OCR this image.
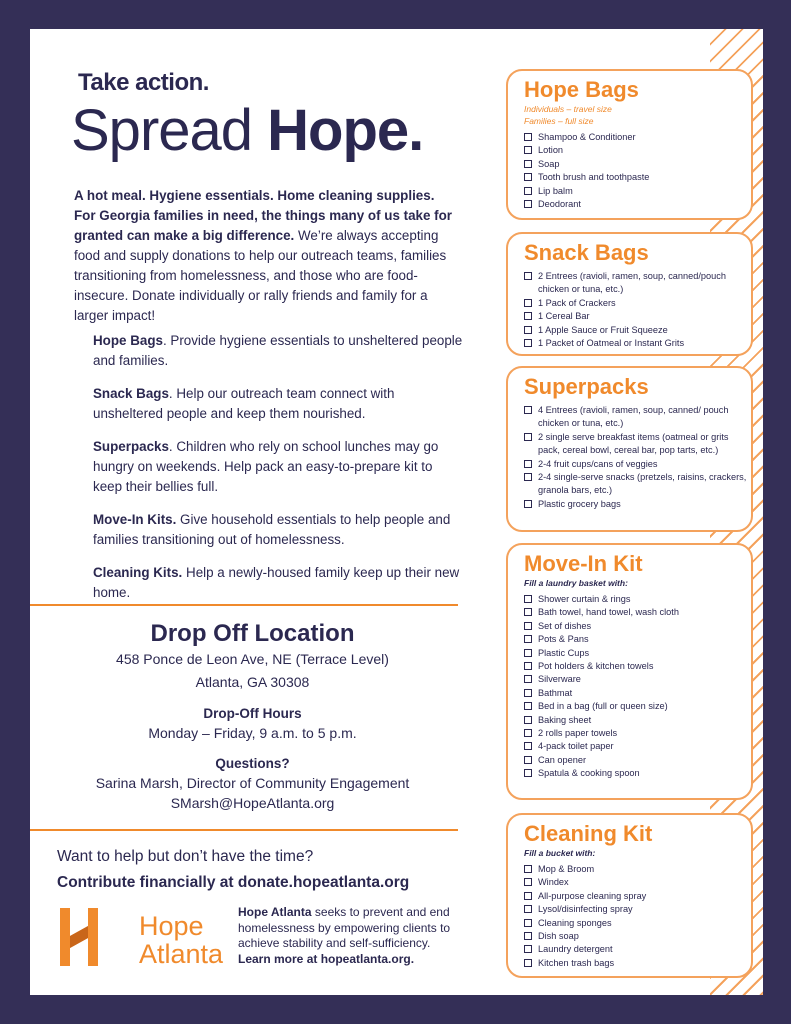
Take action.
Spread Hope.
A hot meal. Hygiene essentials. Home cleaning supplies. For Georgia families in need, the things many of us take for granted can make a big difference. We’re always accepting food and supply donations to help our outreach teams, families transitioning from homelessness, and those who are food-insecure. Donate individually or rally friends and family for a larger impact!
Hope Bags. Provide hygiene essentials to unsheltered people and families.
Snack Bags. Help our outreach team connect with unsheltered people and keep them nourished.
Superpacks. Children who rely on school lunches may go hungry on weekends. Help pack an easy-to-prepare kit to keep their bellies full.
Move-In Kits. Give household essentials to help people and families transitioning out of homelessness.
Cleaning Kits. Help a newly-housed family keep up their new home.
Drop Off Location
458 Ponce de Leon Ave, NE (Terrace Level)
Atlanta, GA 30308
Drop-Off Hours
Monday – Friday, 9 a.m. to 5 p.m.
Questions?
Sarina Marsh, Director of Community Engagement
SMarsh@HopeAtlanta.org
Want to help but don’t have the time?
Contribute financially at donate.hopeatlanta.org
Hope
Atlanta
Hope Atlanta seeks to prevent and end homelessness by empowering clients to achieve stability and self-sufficiency.
Learn more at hopeatlanta.org.
Hope Bags
Individuals – travel size
Families – full size
Shampoo & Conditioner
Lotion
Soap
Tooth brush and toothpaste
Lip balm
Deodorant
Snack Bags
2 Entrees (ravioli, ramen, soup, canned/pouch chicken or tuna, etc.)
1 Pack of Crackers
1 Cereal Bar
1 Apple Sauce or Fruit Squeeze
1 Packet of Oatmeal or Instant Grits
Superpacks
4 Entrees (ravioli, ramen, soup, canned/ pouch chicken or tuna, etc.)
2 single serve breakfast items (oatmeal or grits pack, cereal bowl, cereal bar, pop tarts, etc.)
2-4 fruit cups/cans of veggies
2-4 single-serve snacks (pretzels, raisins, crackers, granola bars, etc.)
Plastic grocery bags
Move-In Kit
Fill a laundry basket with:
Shower curtain & rings
Bath towel, hand towel, wash cloth
Set of dishes
Pots & Pans
Plastic Cups
Pot holders & kitchen towels
Silverware
Bathmat
Bed in a bag (full or queen size)
Baking sheet
2 rolls paper towels
4-pack toilet paper
Can opener
Spatula & cooking spoon
Cleaning Kit
Fill a bucket with:
Mop & Broom
Windex
All-purpose cleaning spray
Lysol/disinfecting spray
Cleaning sponges
Dish soap
Laundry detergent
Kitchen trash bags
